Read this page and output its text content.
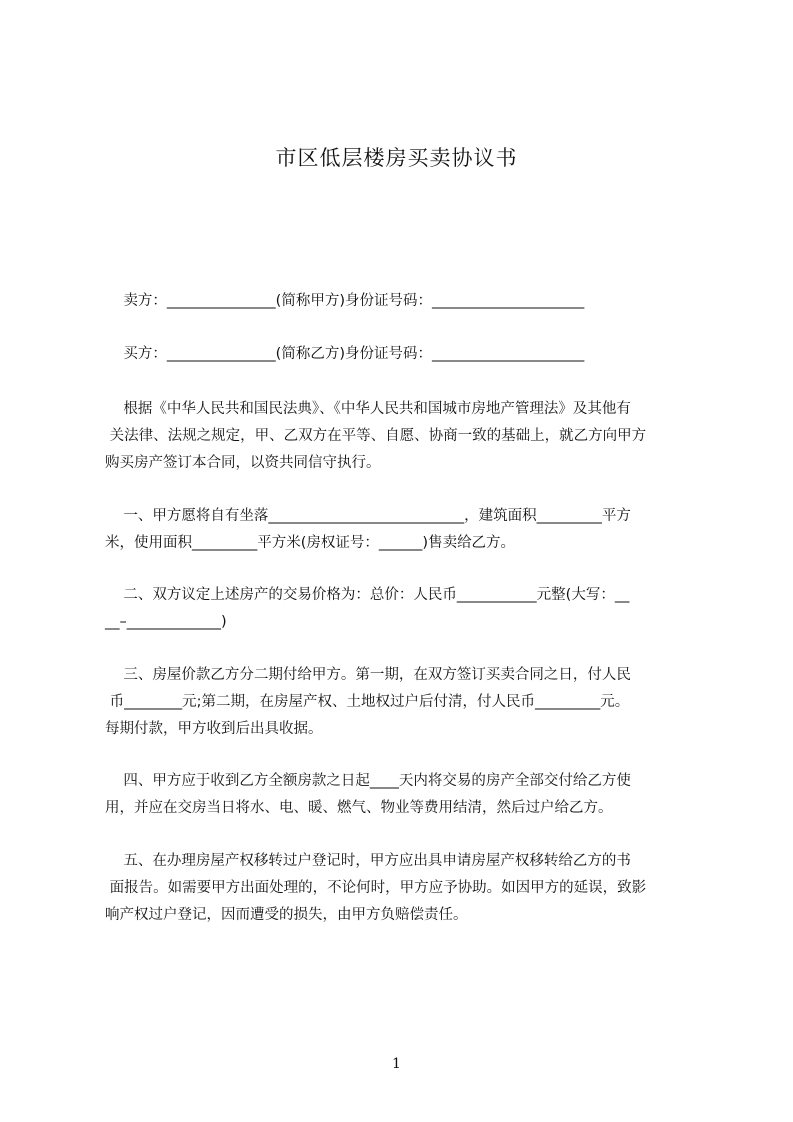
市区低层楼房买卖协议书
卖方：_______________(简称甲方)身份证号码：_____________________
买方：_______________(简称乙方)身份证号码：_____________________
根据《中华人民共和国民法典》、《中华人民共和国城市房地产管理法》及其他有
关法律、法规之规定，甲、乙双方在平等、自愿、协商一致的基础上，就乙方向甲方
购买房产签订本合同，以资共同信守执行。
一、甲方愿将自有坐落___________________________，建筑面积_________平方
米，使用面积_________平方米(房权证号：______)售卖给乙方。
二、双方议定上述房产的交易价格为：总价：人民币___________元整(大写：__
__–_____________)
三、房屋价款乙方分二期付给甲方。第一期，在双方签订买卖合同之日，付人民
币________元;第二期，在房屋产权、土地权过户后付清，付人民币_________元。
每期付款，甲方收到后出具收据。
四、甲方应于收到乙方全额房款之日起____天内将交易的房产全部交付给乙方使
用，并应在交房当日将水、电、暖、燃气、物业等费用结清，然后过户给乙方。
五、在办理房屋产权移转过户登记时，甲方应出具申请房屋产权移转给乙方的书
面报告。如需要甲方出面处理的，不论何时，甲方应予协助。如因甲方的延误，致影
响产权过户登记，因而遭受的损失，由甲方负赔偿责任。
1
